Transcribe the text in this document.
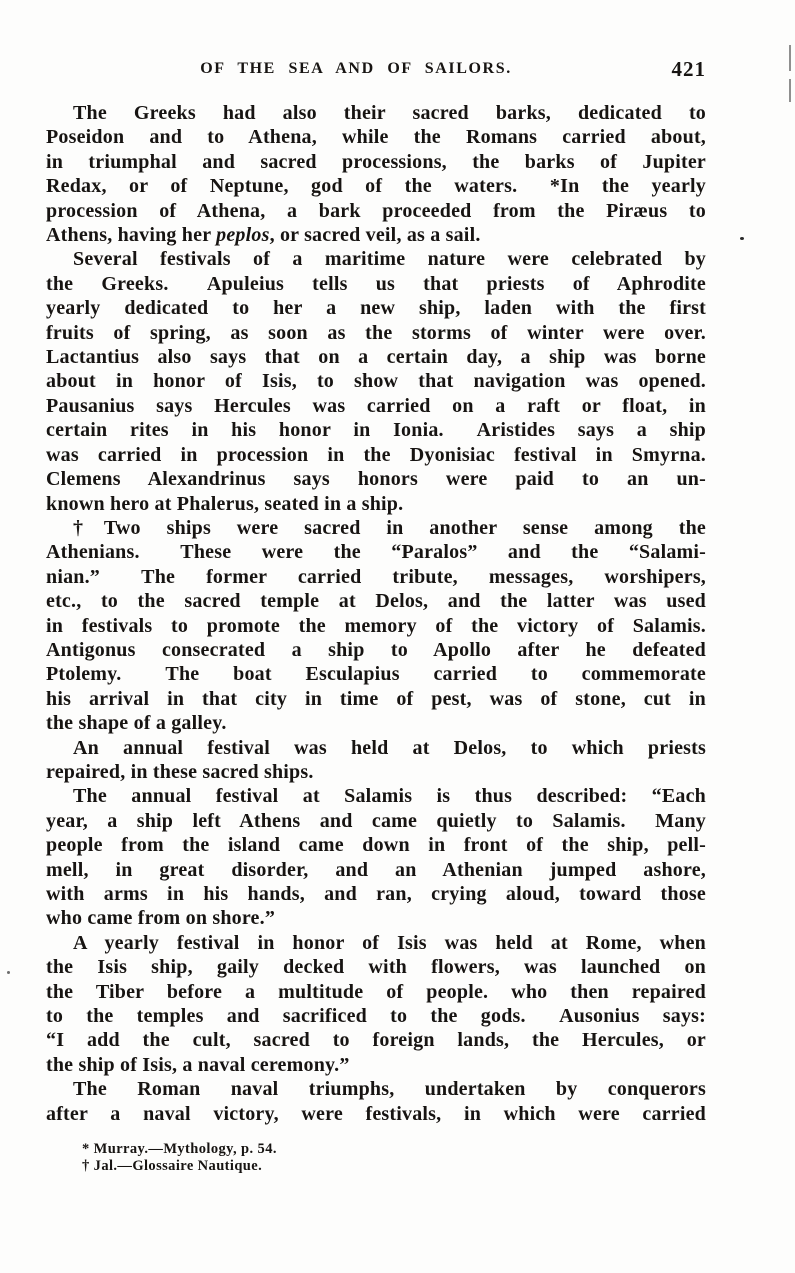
OF THE SEA AND OF SAILORS.	421
The Greeks had also their sacred barks, dedicated to
Poseidon and to Athena, while the Romans carried about,
in triumphal and sacred processions, the barks of Jupiter
Redax, or of Neptune, god of the waters.  *In the yearly
procession of Athena, a bark proceeded from the Piræus to
Athens, having her peplos, or sacred veil, as a sail.
Several festivals of a maritime nature were celebrated by
the Greeks.  Apuleius tells us that priests of Aphrodite
yearly dedicated to her a new ship, laden with the first
fruits of spring, as soon as the storms of winter were over.
Lactantius also says that on a certain day, a ship was borne
about in honor of Isis, to show that navigation was opened.
Pausanius says Hercules was carried on a raft or float, in
certain rites in his honor in Ionia.  Aristides says a ship
was carried in procession in the Dyonisiac festival in Smyrna.
Clemens Alexandrinus says honors were paid to an un-
known hero at Phalerus, seated in a ship.
†Two ships were sacred in another sense among the
Athenians.  These were the “Paralos” and the “Salami-
nian.”  The former carried tribute, messages, worshipers,
etc., to the sacred temple at Delos, and the latter was used
in festivals to promote the memory of the victory of Salamis.
Antigonus consecrated a ship to Apollo after he defeated
Ptolemy.  The boat Esculapius carried to commemorate
his arrival in that city in time of pest, was of stone, cut in
the shape of a galley.
An annual festival was held at Delos, to which priests
repaired, in these sacred ships.
The annual festival at Salamis is thus described: “Each
year, a ship left Athens and came quietly to Salamis.  Many
people from the island came down in front of the ship, pell-
mell, in great disorder, and an Athenian jumped ashore,
with arms in his hands, and ran, crying aloud, toward those
who came from on shore.”
A yearly festival in honor of Isis was held at Rome, when
the Isis ship, gaily decked with flowers, was launched on
the Tiber before a multitude of people. who then repaired
to the temples and sacrificed to the gods.  Ausonius says:
“I add the cult, sacred to foreign lands, the Hercules, or
the ship of Isis, a naval ceremony.”
The Roman naval triumphs, undertaken by conquerors
after a naval victory, were festivals, in which were carried
* Murray.—Mythology, p. 54.
† Jal.—Glossaire Nautique.
